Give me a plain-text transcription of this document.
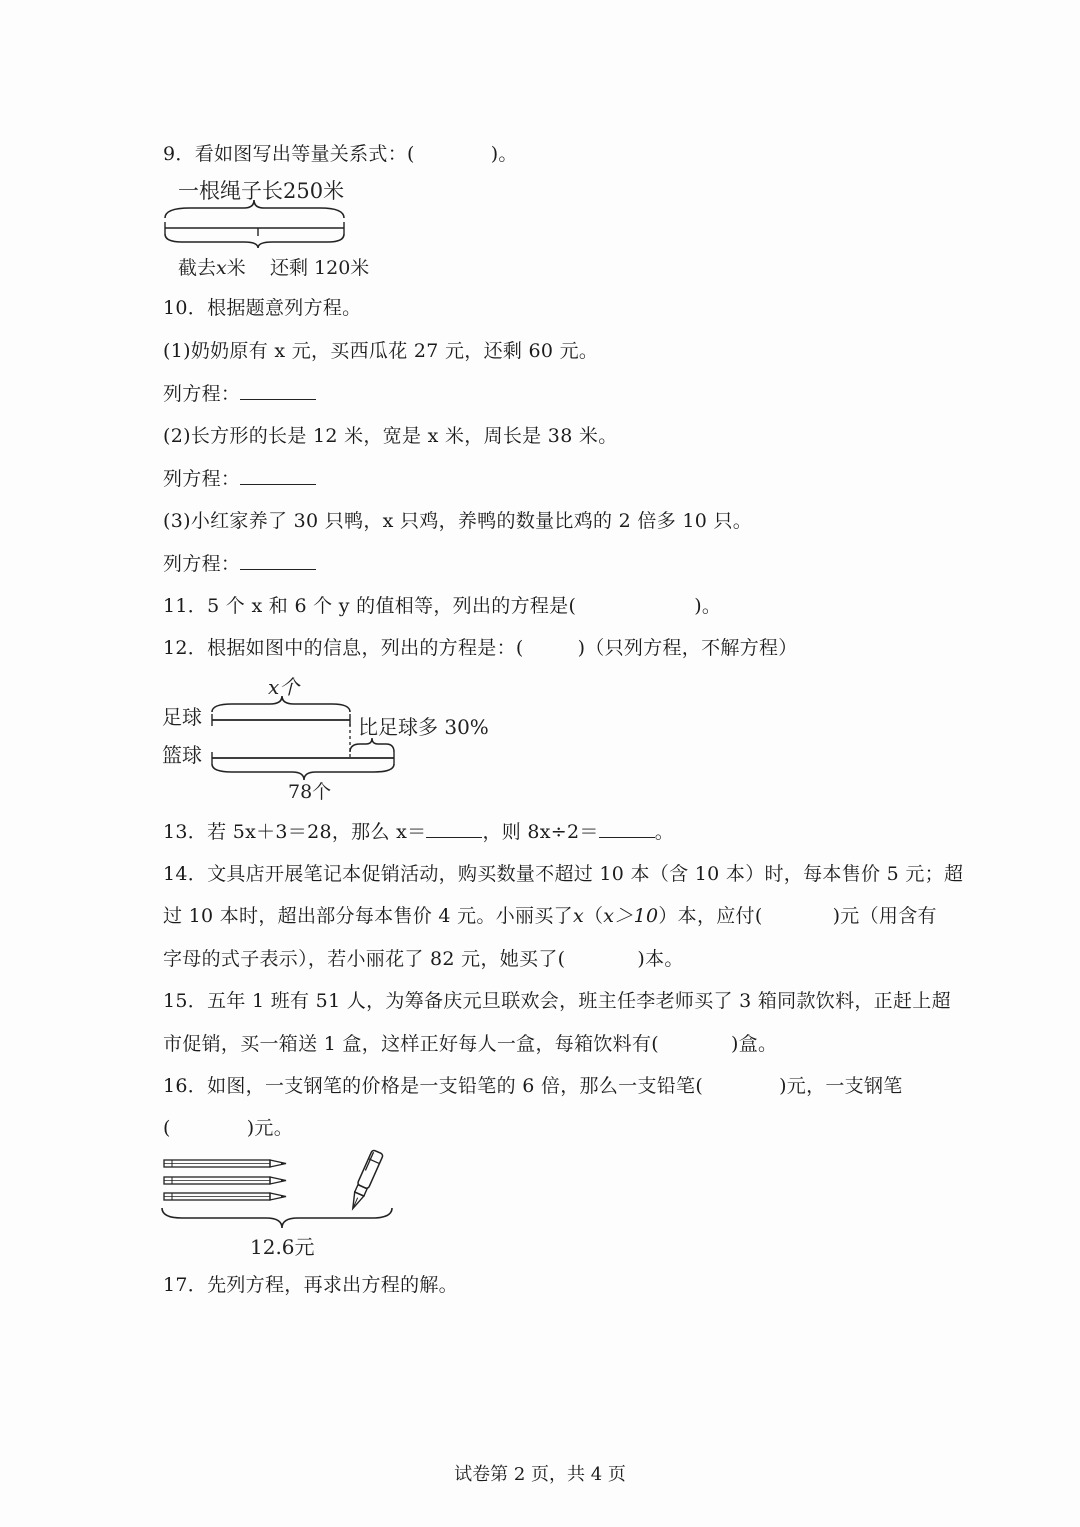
9．看如图写出等量关系式：(	)。
一根绳子长250米
截去x米 还剩 120米
10．根据题意列方程。
(1)奶奶原有 x 元，买西瓜花 27 元，还剩 60 元。
列方程：
(2)长方形的长是 12 米，宽是 x 米，周长是 38 米。
列方程：
(3)小红家养了 30 只鸭，x 只鸡，养鸭的数量比鸡的 2 倍多 10 只。
列方程：
11．5 个 x 和 6 个 y 的值相等，列出的方程是(	)。
12．根据如图中的信息，列出的方程是：(	)（只列方程，不解方程）
x个
足球	比足球多 30%
篮球
78个
13．若 5x＋3＝28，那么 x＝	，则 8x÷2＝	。
14．文具店开展笔记本促销活动，购买数量不超过 10 本（含 10 本）时，每本售价 5 元；超
过 10 本时，超出部分每本售价 4 元。小丽买了x（x＞10）本，应付(	)元（用含有
字母的式子表示），若小丽花了 82 元，她买了(	)本。
15．五年 1 班有 51 人，为筹备庆元旦联欢会，班主任李老师买了 3 箱同款饮料，正赶上超
市促销，买一箱送 1 盒，这样正好每人一盒，每箱饮料有(	)盒。
16．如图，一支钢笔的价格是一支铅笔的 6 倍，那么一支铅笔(	)元，一支钢笔
(	)元。
12.6元
17．先列方程，再求出方程的解。
试卷第 2 页，共 4 页
